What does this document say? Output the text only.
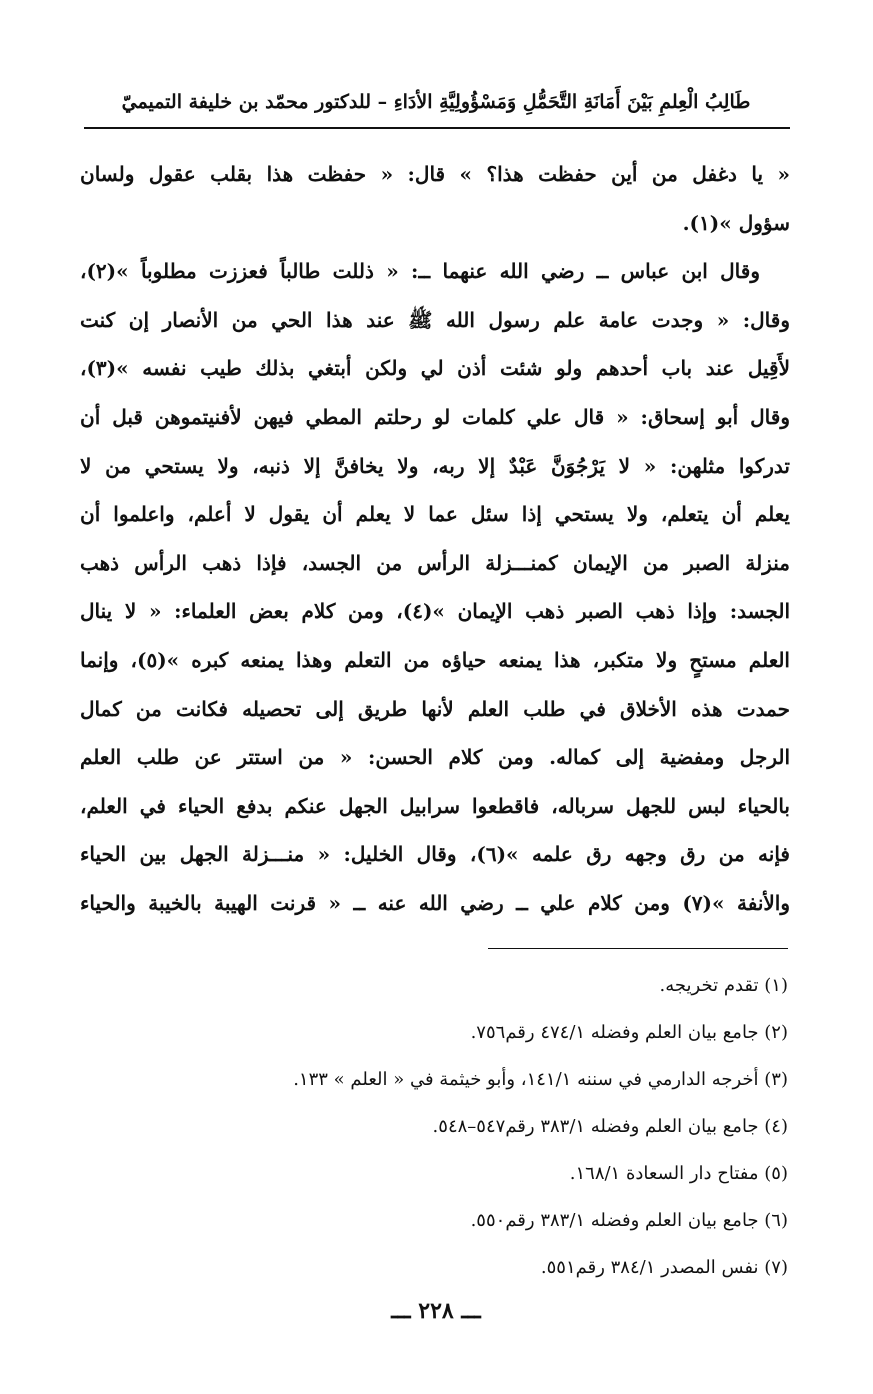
طَالِبُ الْعِلمِ بَيْنَ أَمَانَةِ التَّحَمُّلِ وَمَسْؤُولِيَّةِ الأدَاءِ – للدكتور محمّد بن خليفة التميميّ
« يا دغفل من أين حفظت هذا؟ » قال: « حفظت هذا بقلب عقول ولسان
سؤول »(١).
وقال ابن عباس ــ رضي الله عنهما ــ: « ذللت طالباً فعززت مطلوباً »(٢)،
وقال: « وجدت عامة علم رسول الله ﷺ عند هذا الحي من الأنصار إن كنت
لأَقِيل عند باب أحدهم ولو شئت أذن لي ولكن أبتغي بذلك طيب نفسه »(٣)،
وقال أبو إسحاق: « قال علي كلمات لو رحلتم المطي فيهن لأفنيتموهن قبل أن
تدركوا مثلهن: « لا يَرْجُوَنَّ عَبْدٌ إلا ربه، ولا يخافنَّ إلا ذنبه، ولا يستحي من لا
يعلم أن يتعلم، ولا يستحي إذا سئل عما لا يعلم أن يقول لا أعلم، واعلموا أن
منزلة الصبر من الإيمان كمنـــزلة الرأس من الجسد، فإذا ذهب الرأس ذهب
الجسد: وإذا ذهب الصبر ذهب الإيمان »(٤)، ومن كلام بعض العلماء: « لا ينال
العلم مستحٍ ولا متكبر، هذا يمنعه حياؤه من التعلم وهذا يمنعه كبره »(٥)، وإنما
حمدت هذه الأخلاق في طلب العلم لأنها طريق إلى تحصيله فكانت من كمال
الرجل ومفضية إلى كماله. ومن كلام الحسن: « من استتر عن طلب العلم
بالحياء لبس للجهل سرباله، فاقطعوا سرابيل الجهل عنكم بدفع الحياء في العلم،
فإنه من رق وجهه رق علمه »(٦)، وقال الخليل: « منـــزلة الجهل بين الحياء
والأنفة »(٧) ومن كلام علي ــ رضي الله عنه ــ « قرنت الهيبة بالخيبة والحياء
(١) تقدم تخريجه.
(٢) جامع بيان العلم وفضله ٤٧٤/١ رقم٧٥٦.
(٣) أخرجه الدارمي في سننه ١٤١/١، وأبو خيثمة في « العلم » ١٣٣.
(٤) جامع بيان العلم وفضله ٣٨٣/١ رقم٥٤٧–٥٤٨.
(٥) مفتاح دار السعادة ١٦٨/١.
(٦) جامع بيان العلم وفضله ٣٨٣/١ رقم٥٥٠.
(٧) نفس المصدر ٣٨٤/١ رقم٥٥١.
ـــ ٢٢٨ ـــ
